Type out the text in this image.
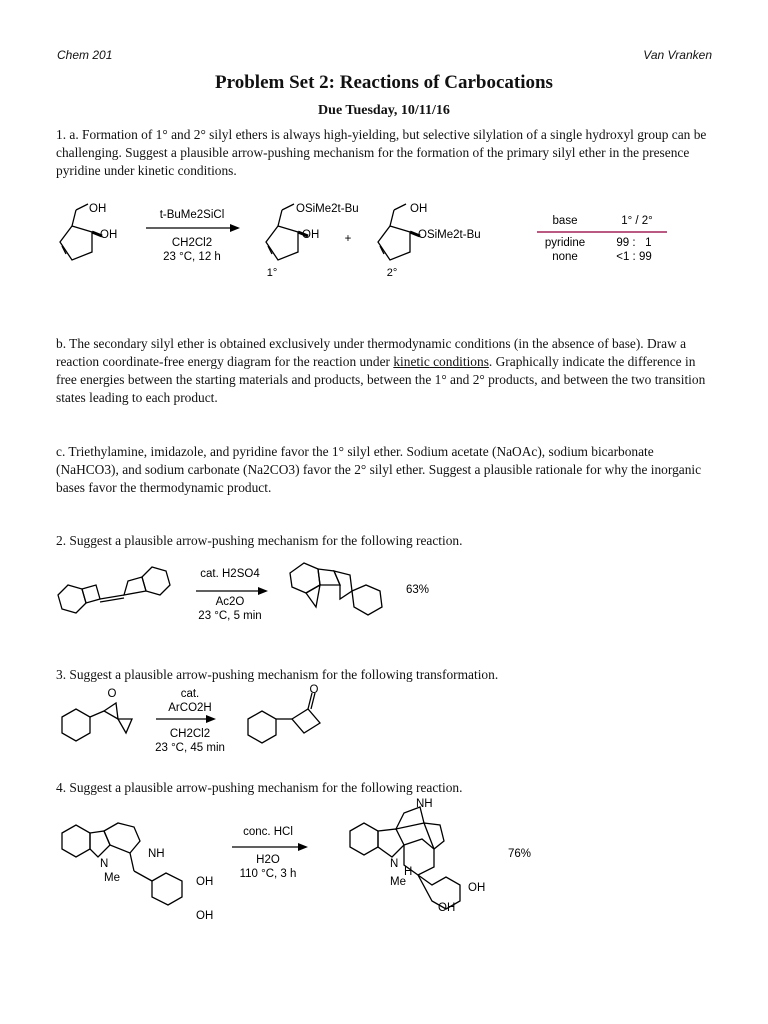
Chem 201	Van Vranken
Problem Set 2: Reactions of Carbocations
Due Tuesday, 10/11/16
1. a. Formation of 1° and 2° silyl ethers is always high-yielding, but selective silylation of a single hydroxyl group can be challenging. Suggest a plausible arrow-pushing mechanism for the formation of the primary silyl ether in the presence pyridine under kinetic conditions.
OH
OH
t-BuMe2SiCl
CH2Cl2
23 °C, 12 h
OSiMe2t-Bu
OH
1°
+
OH
OSiMe2t-Bu
2°
base	1° / 2°
pyridine	99 :   1
none	<1 : 99
b. The secondary silyl ether is obtained exclusively under thermodynamic conditions (in the absence of base). Draw a reaction coordinate-free energy diagram for the reaction under kinetic conditions. Graphically indicate the difference in free energies between the starting materials and products, between the 1° and 2° products, and between the two transition states leading to each product.
c. Triethylamine, imidazole, and pyridine favor the 1° silyl ether. Sodium acetate (NaOAc), sodium bicarbonate (NaHCO3), and sodium carbonate (Na2CO3) favor the 2° silyl ether. Suggest a plausible rationale for why the inorganic bases favor the thermodynamic product.
2. Suggest a plausible arrow-pushing mechanism for the following reaction.
cat. H2SO4
Ac2O
23 °C, 5 min
63%
3. Suggest a plausible arrow-pushing mechanism for the following transformation.
O	cat.
ArCO2H
CH2Cl2
23 °C, 45 min
O
4. Suggest a plausible arrow-pushing mechanism for the following reaction.
N
Me
NH
OH
OH
conc. HCl
H2O
110 °C, 3 h
NH
N
H
Me	OH
OH
76%
